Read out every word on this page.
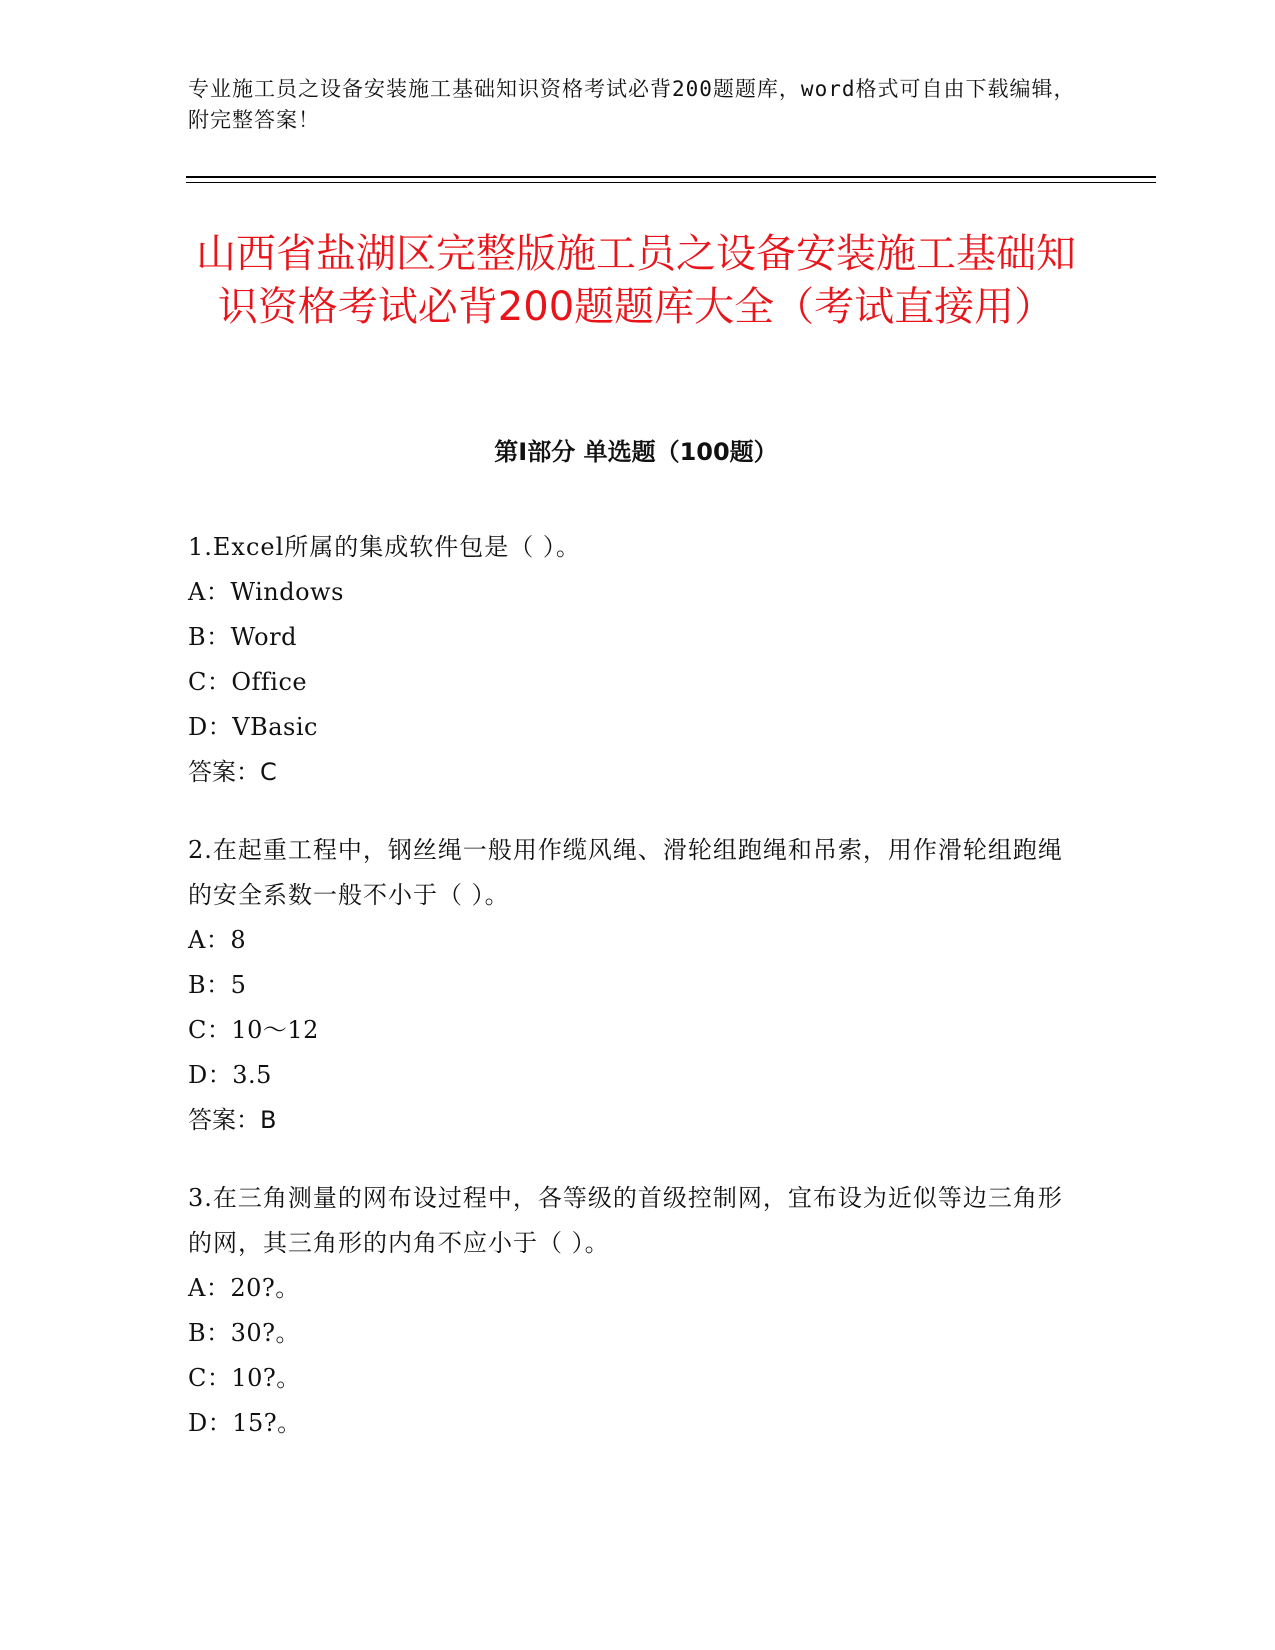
专业施工员之设备安装施工基础知识资格考试必背200题题库，word格式可自由下载编辑，附完整答案！
山西省盐湖区完整版施工员之设备安装施工基础知识资格考试必背200题题库大全（考试直接用）
第Ⅰ部分 单选题（100题）

1.Excel所属的集成软件包是（ ）。

A：Windows

B：Word

C：Office

D：VBasic

答案：C

2.在起重工程中，钢丝绳一般用作缆风绳、滑轮组跑绳和吊索，用作滑轮组跑绳的安全系数一般不小于（ ）。

A：8

B：5

C：10～12

D：3.5

答案：B

3.在三角测量的网布设过程中，各等级的首级控制网，宜布设为近似等边三角形的网，其三角形的内角不应小于（ ）。

A：20?。

B：30?。

C：10?。

D：15?。
